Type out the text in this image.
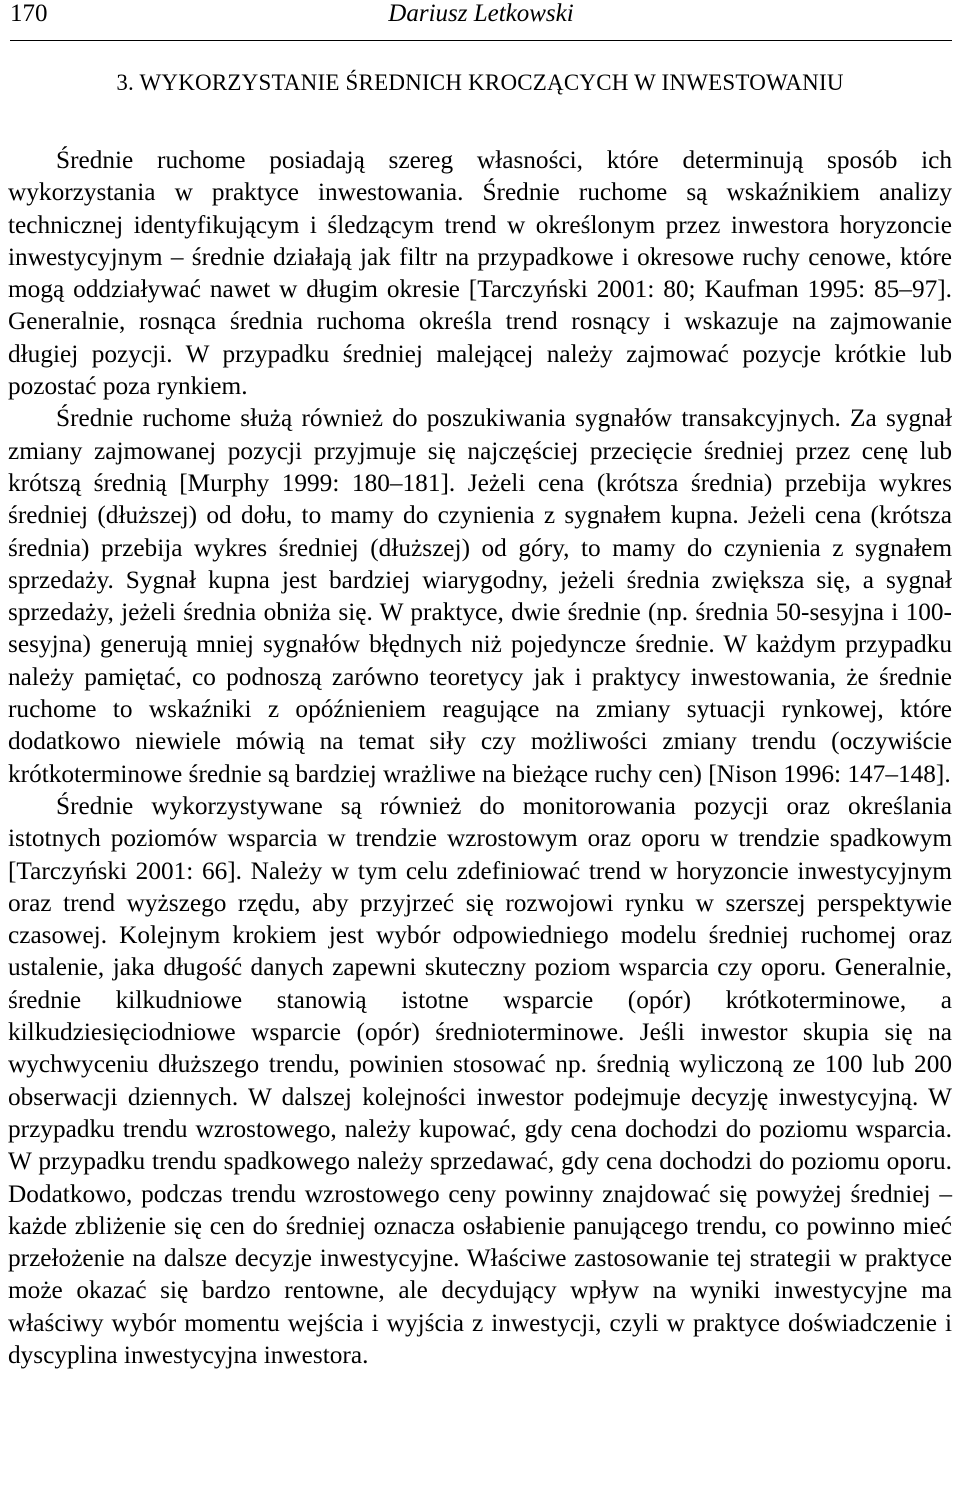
170	Dariusz Letkowski
3. WYKORZYSTANIE ŚREDNICH KROCZĄCYCH W INWESTOWANIU

Średnie ruchome posiadają szereg własności, które determinują sposób ich wykorzystania w praktyce inwestowania. Średnie ruchome są wskaźnikiem analizy technicznej identyfikującym i śledzącym trend w określonym przez inwestora horyzoncie inwestycyjnym – średnie działają jak filtr na przypadkowe i okresowe ruchy cenowe, które mogą oddziaływać nawet w długim okresie [Tarczyński 2001: 80; Kaufman 1995: 85–97]. Generalnie, rosnąca średnia ruchoma określa trend rosnący i wskazuje na zajmowanie długiej pozycji. W przypadku średniej malejącej należy zajmować pozycje krótkie lub pozostać poza rynkiem.

Średnie ruchome służą również do poszukiwania sygnałów transakcyjnych. Za sygnał zmiany zajmowanej pozycji przyjmuje się najczęściej przecięcie średniej przez cenę lub krótszą średnią [Murphy 1999: 180–181]. Jeżeli cena (krótsza średnia) przebija wykres średniej (dłuższej) od dołu, to mamy do czynienia z sygnałem kupna. Jeżeli cena (krótsza średnia) przebija wykres średniej (dłuższej) od góry, to mamy do czynienia z sygnałem sprzedaży. Sygnał kupna jest bardziej wiarygodny, jeżeli średnia zwiększa się, a sygnał sprzedaży, jeżeli średnia obniża się. W praktyce, dwie średnie (np. średnia 50-sesyjna i 100-sesyjna) generują mniej sygnałów błędnych niż pojedyncze średnie. W każdym przypadku należy pamiętać, co podnoszą zarówno teoretycy jak i praktycy inwestowania, że średnie ruchome to wskaźniki z opóźnieniem reagujące na zmiany sytuacji rynkowej, które dodatkowo niewiele mówią na temat siły czy możliwości zmiany trendu (oczywiście krótkoterminowe średnie są bardziej wrażliwe na bieżące ruchy cen) [Nison 1996: 147–148].

Średnie wykorzystywane są również do monitorowania pozycji oraz określania istotnych poziomów wsparcia w trendzie wzrostowym oraz oporu w trendzie spadkowym [Tarczyński 2001: 66]. Należy w tym celu zdefiniować trend w horyzoncie inwestycyjnym oraz trend wyższego rzędu, aby przyjrzeć się rozwojowi rynku w szerszej perspektywie czasowej. Kolejnym krokiem jest wybór odpowiedniego modelu średniej ruchomej oraz ustalenie, jaka długość danych zapewni skuteczny poziom wsparcia czy oporu. Generalnie, średnie kilkudniowe stanowią istotne wsparcie (opór) krótkoterminowe, a kilkudziesięciodniowe wsparcie (opór) średnioterminowe. Jeśli inwestor skupia się na wychwyceniu dłuższego trendu, powinien stosować np. średnią wyliczoną ze 100 lub 200 obserwacji dziennych. W dalszej kolejności inwestor podejmuje decyzję inwestycyjną. W przypadku trendu wzrostowego, należy kupować, gdy cena dochodzi do poziomu wsparcia. W przypadku trendu spadkowego należy sprzedawać, gdy cena dochodzi do poziomu oporu. Dodatkowo, podczas trendu wzrostowego ceny powinny znajdować się powyżej średniej – każde zbliżenie się cen do średniej oznacza osłabienie panującego trendu, co powinno mieć przełożenie na dalsze decyzje inwestycyjne. Właściwe zastosowanie tej strategii w praktyce może okazać się bardzo rentowne, ale decydujący wpływ na wyniki inwestycyjne ma właściwy wybór momentu wejścia i wyjścia z inwestycji, czyli w praktyce doświadczenie i dyscyplina inwestycyjna inwestora.
